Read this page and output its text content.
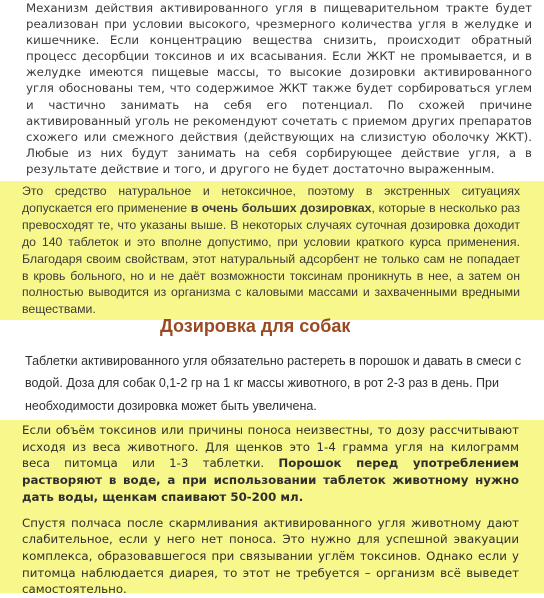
Механизм действия активированного угля в пищеварительном тракте будет реализован при условии высокого, чрезмерного количества угля в желудке и кишечнике. Если концентрацию вещества снизить, происходит обратный процесс десорбции токсинов и их всасывания. Если ЖКТ не промывается, и в желудке имеются пищевые массы, то высокие дозировки активированного угля обоснованы тем, что содержимое ЖКТ также будет сорбироваться углем и частично занимать на себя его потенциал. По схожей причине активированный уголь не рекомендуют сочетать с приемом других препаратов схожего или смежного действия (действующих на слизистую оболочку ЖКТ). Любые из них будут занимать на себя сорбирующее действие угля, а в результате действие и того, и другого не будет достаточно выраженным.
Это средство натуральное и нетоксичное, поэтому в экстренных ситуациях допускается его применение в очень больших дозировках, которые в несколько раз превосходят те, что указаны выше. В некоторых случаях суточная дозировка доходит до 140 таблеток и это вполне допустимо, при условии краткого курса применения. Благодаря своим свойствам, этот натуральный адсорбент не только сам не попадает в кровь больного, но и не даёт возможности токсинам проникнуть в нее, а затем он полностью выводится из организма с каловыми массами и захваченными вредными веществами.
Дозировка для собак
Таблетки активированного угля обязательно растереть в порошок и давать в смеси с водой. Доза для собак 0,1-2 гр на 1 кг массы животного, в рот 2-3 раз в день. При необходимости дозировка может быть увеличена.
Если объём токсинов или причины поноса неизвестны, то дозу рассчитывают исходя из веса животного. Для щенков это 1-4 грамма угля на килограмм веса питомца или 1-3 таблетки. Порошок перед употреблением растворяют в воде, а при использовании таблеток животному нужно дать воды, щенкам спаивают 50-200 мл.
Спустя полчаса после скармливания активированного угля животному дают слабительное, если у него нет поноса. Это нужно для успешной эвакуации комплекса, образовавшегося при связывании углём токсинов. Однако если у питомца наблюдается диарея, то этот не требуется – организм всё выведет самостоятельно.
